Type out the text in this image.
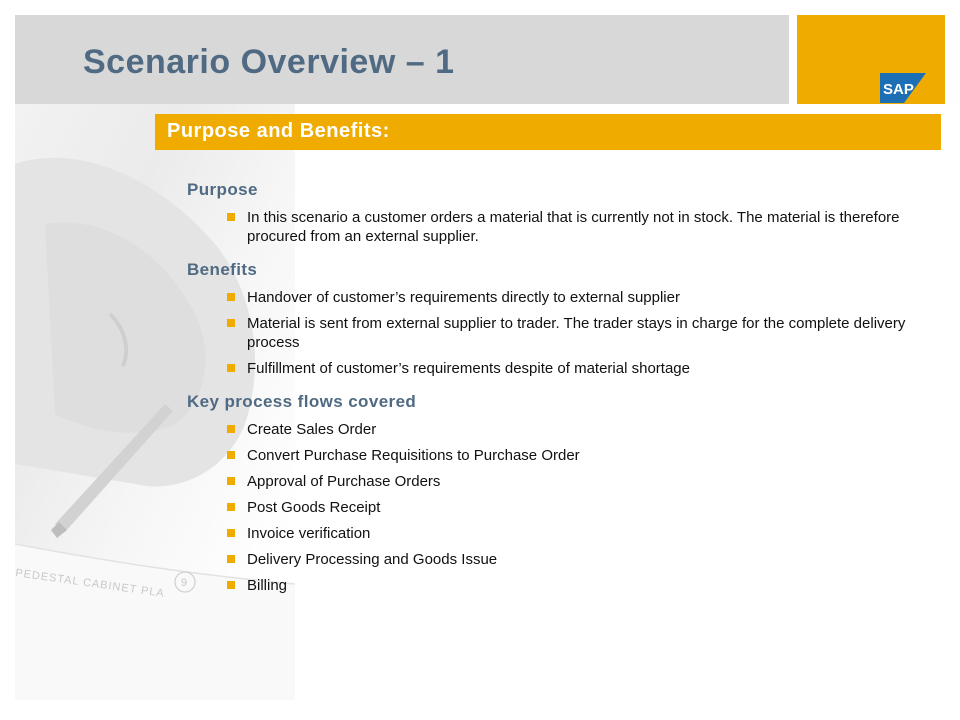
PEDESTAL CABINET PLA 9
Scenario Overview – 1
SAP
Purpose and Benefits:
Purpose
In this scenario a customer orders a material that is currently not in stock. The material is therefore procured from an external supplier.
Benefits
Handover of customer’s requirements directly to external supplier
Material is sent from external supplier to trader. The trader stays in charge for the complete delivery process
Fulfillment of customer’s requirements despite of material shortage
Key process flows covered
Create Sales Order
Convert Purchase Requisitions to Purchase Order
Approval of Purchase Orders
Post Goods Receipt
Invoice verification
Delivery Processing and Goods Issue
Billing
